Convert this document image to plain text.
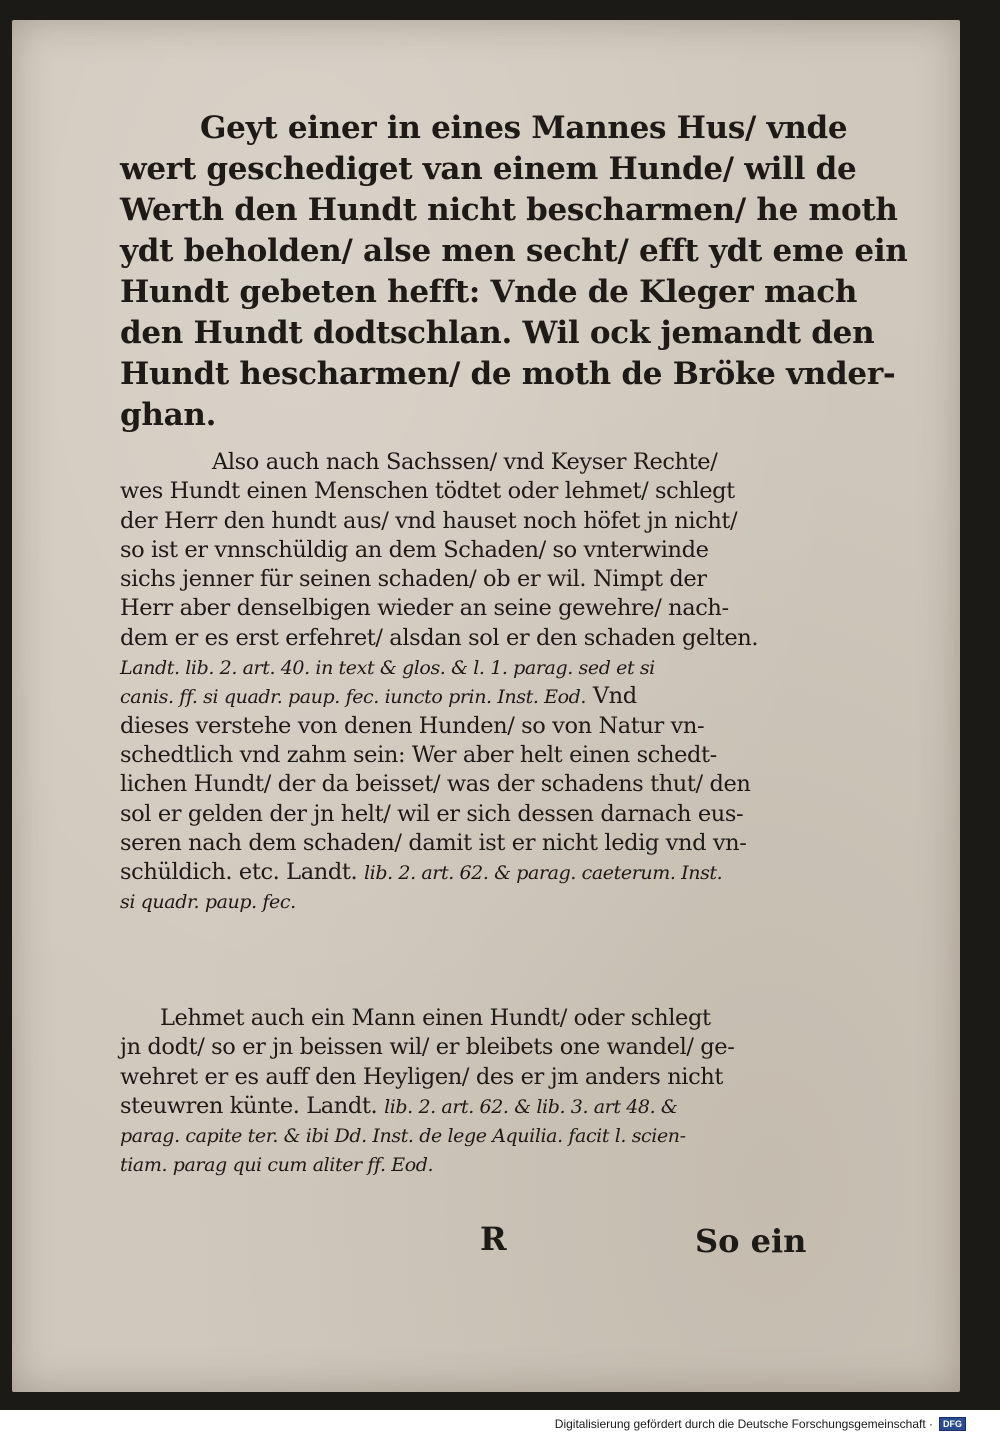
Geyt einer in eines Mannes Hus/ vnde
wert geschediget van einem Hunde/ will de
Werth den Hundt nicht bescharmen/ he moth
ydt beholden/ alse men secht/ efft ydt eme ein
Hundt gebeten hefft: Vnde de Kleger mach
den Hundt dodtschlan. Wil ock jemandt den
Hundt hescharmen/ de moth de Bröke vnder-
ghan.
Also auch nach Sachssen/ vnd Keyser Rechte/
wes Hundt einen Menschen tödtet oder lehmet/ schlegt
der Herr den hundt aus/ vnd hauset noch höfet jn nicht/
so ist er vnnschüldig an dem Schaden/ so vnterwinde
sichs jenner für seinen schaden/ ob er wil. Nimpt der
Herr aber denselbigen wieder an seine gewehre/ nach-
dem er es erst erfehret/ alsdan sol er den schaden gelten.
Landt. lib. 2. art. 40. in text & glos. & l. 1. parag. sed et si
canis. ff. si quadr. paup. fec. iuncto prin. Inst. Eod. Vnd
dieses verstehe von denen Hunden/ so von Natur vn-
schedtlich vnd zahm sein: Wer aber helt einen schedt-
lichen Hundt/ der da beisset/ was der schadens thut/ den
sol er gelden der jn helt/ wil er sich dessen darnach eus-
seren nach dem schaden/ damit ist er nicht ledig vnd vn-
schüldich. etc. Landt. lib. 2. art. 62. & parag. caeterum. Inst.
si quadr. paup. fec.
Lehmet auch ein Mann einen Hundt/ oder schlegt
jn dodt/ so er jn beissen wil/ er bleibets one wandel/ ge-
wehret er es auff den Heyligen/ des er jm anders nicht
steuwren künte. Landt. lib. 2. art. 62. & lib. 3. art 48. &
parag. capite ter. & ibi Dd. Inst. de lege Aquilia. facit l. scien-
tiam. parag qui cum aliter ff. Eod.
R	So ein
Digitalisierung gefördert durch die Deutsche Forschungsgemeinschaft ·	DFG
